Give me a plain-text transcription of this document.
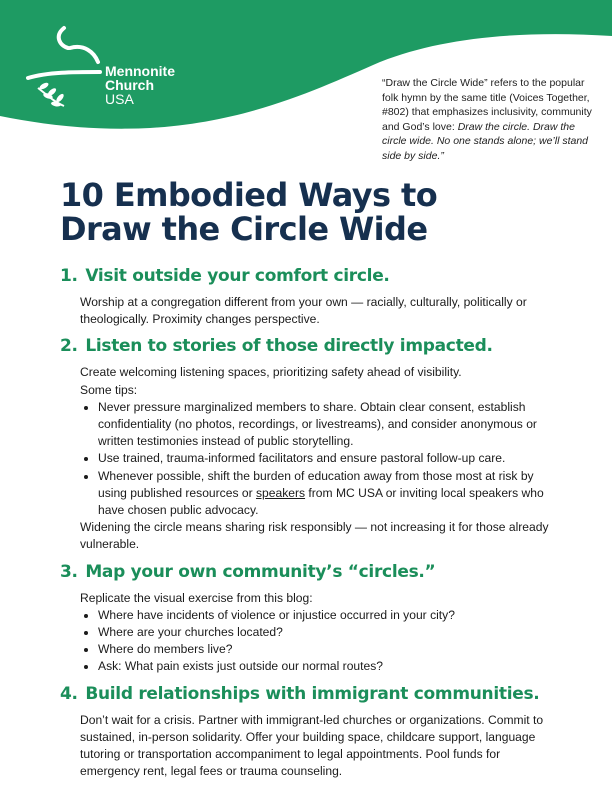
Mennonite
Church
USA
“Draw the Circle Wide” refers to the popular folk hymn by the same title (Voices Together, #802) that emphasizes inclusivity, community and God’s love: Draw the circle. Draw the circle wide. No one stands alone; we’ll stand side by side.”
10 Embodied Ways to
Draw the Circle Wide
1. Visit outside your comfort circle.

Worship at a congregation different from your own — racially, culturally, politically or theologically. Proximity changes perspective.

2. Listen to stories of those directly impacted.

Create welcoming listening spaces, prioritizing safety ahead of visibility.

Some tips:

• Never pressure marginalized members to share. Obtain clear consent, establish confidentiality (no photos, recordings, or livestreams), and consider anonymous or written testimonies instead of public storytelling.
• Use trained, trauma-informed facilitators and ensure pastoral follow-up care.
• Whenever possible, shift the burden of education away from those most at risk by using published resources or speakers from MC USA or inviting local speakers who have chosen public advocacy.

Widening the circle means sharing risk responsibly — not increasing it for those already vulnerable.

3. Map your own community’s “circles.”

Replicate the visual exercise from this blog:

• Where have incidents of violence or injustice occurred in your city?
• Where are your churches located?
• Where do members live?
• Ask: What pain exists just outside our normal routes?
4. Build relationships with immigrant communities.

Don’t wait for a crisis. Partner with immigrant-led churches or organizations. Commit to sustained, in-person solidarity. Offer your building space, childcare support, language tutoring or transportation accompaniment to legal appointments. Pool funds for emergency rent, legal fees or trauma counseling.
